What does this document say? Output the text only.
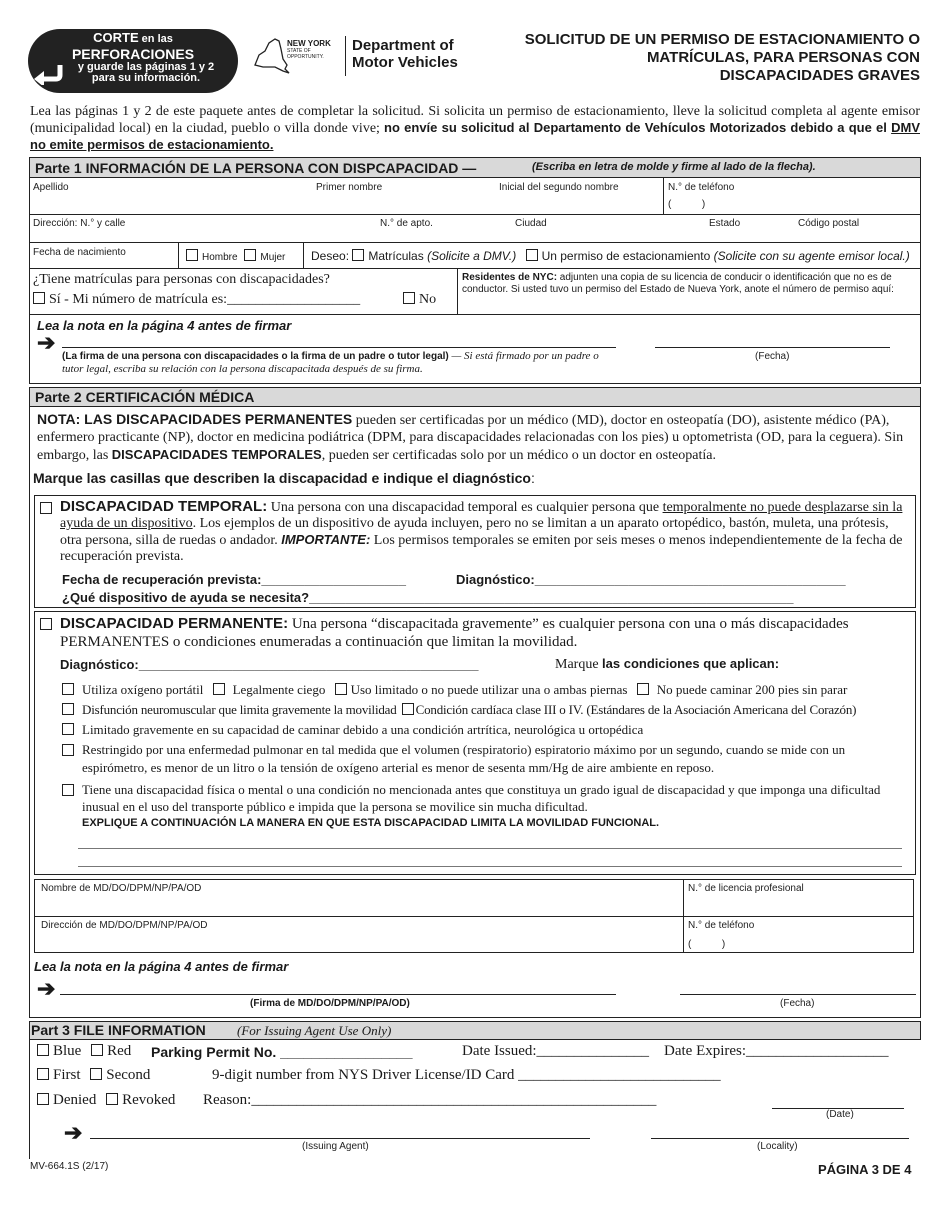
CORTE en las
PERFORACIONES
y guarde las páginas 1 y 2
para su información.
NEW YORK
STATE OF
OPPORTUNITY.
Department of
Motor Vehicles
SOLICITUD DE UN PERMISO DE ESTACIONAMIENTO O
MATRÍCULAS, PARA PERSONAS CON
DISCAPACIDADES GRAVES
Lea las páginas 1 y 2 de este paquete antes de completar la solicitud. Si solicita un permiso de estacionamiento, lleve la solicitud completa al agente emisor (municipalidad local) en la ciudad, pueblo o villa donde vive; no envíe su solicitud al Departamento de Vehículos Motorizados debido a que el DMV no emite permisos de estacionamiento.
Parte 1 INFORMACIÓN DE LA PERSONA CON DISPCAPACIDAD —	(Escriba en letra de molde y firme al lado de la flecha).
Apellido	Primer nombre	Inicial del segundo nombre	N.° de teléfono
(           )
Dirección: N.° y calle	N.° de apto.	Ciudad	Estado	Código postal
Fecha de nacimiento	Hombre Mujer Deseo: Matrículas (Solicite a DMV.) Un permiso de estacionamiento (Solicite con su agente emisor local.)
¿Tiene matrículas para personas con discapacidades?
Sí - Mi número de matrícula es:___________________	No
Residentes de NYC: adjunten una copia de su licencia de conducir o identificación que no es de conductor. Si usted tuvo un permiso del Estado de Nueva York, anote el número de permiso aquí:
Lea la nota en la página 4 antes de firmar
➔
(La firma de una persona con discapacidades o la firma de un padre o tutor legal) — Si está firmado por un padre o tutor legal, escriba su relación con la persona discapacitada después de su firma.
(Fecha)
Parte 2 CERTIFICACIÓN MÉDICA
NOTA: LAS DISCAPACIDADES PERMANENTES pueden ser certificadas por un médico (MD), doctor en osteopatía (DO), asistente médico (PA), enfermero practicante (NP), doctor en medicina podiátrica (DPM, para discapacidades relacionadas con los pies) u optometrista (OD, para la ceguera). Sin embargo, las DISCAPACIDADES TEMPORALES, pueden ser certificadas solo por un médico o un doctor en osteopatía.
Marque las casillas que describen la discapacidad e indique el diagnóstico:
DISCAPACIDAD TEMPORAL: Una persona con una discapacidad temporal es cualquier persona que temporalmente no puede desplazarse sin la ayuda de un dispositivo. Los ejemplos de un dispositivo de ayuda incluyen, pero no se limitan a un aparato ortopédico, bastón, muleta, una prótesis, otra persona, silla de ruedas o andador. IMPORTANTE: Los permisos temporales se emiten por seis meses o menos independientemente de la fecha de recuperación prevista.
Fecha de recuperación prevista:____________________	Diagnóstico:___________________________________________
¿Qué dispositivo de ayuda se necesita?___________________________________________________________________
DISCAPACIDAD PERMANENTE: Una persona “discapacitada gravemente” es cualquier persona con una o más discapacidades PERMANENTES o condiciones enumeradas a continuación que limitan la movilidad.
Diagnóstico:_______________________________________________	Marque las condiciones que aplican:
Utiliza oxígeno portátil Legalmente ciego Uso limitado o no puede utilizar una o ambas piernas No puede caminar 200 pies sin parar
Disfunción neuromuscular que limita gravemente la movilidad Condición cardíaca clase III o IV. (Estándares de la Asociación Americana del Corazón)
Limitado gravemente en su capacidad de caminar debido a una condición artrítica, neurológica u ortopédica
Restringido por una enfermedad pulmonar en tal medida que el volumen (respiratorio) espiratorio máximo por un segundo, cuando se mide con un espirómetro, es menor de un litro o la tensión de oxígeno arterial es menor de sesenta mm/Hg de aire ambiente en reposo.
Tiene una discapacidad física o mental o una condición no mencionada antes que constituya un grado igual de discapacidad y que imponga una dificultad inusual en el uso del transporte público e impida que la persona se movilice sin mucha dificultad.
EXPLIQUE A CONTINUACIÓN LA MANERA EN QUE ESTA DISCAPACIDAD LIMITA LA MOVILIDAD FUNCIONAL.
Nombre de MD/DO/DPM/NP/PA/OD	N.° de licencia profesional
Dirección de MD/DO/DPM/NP/PA/OD	N.° de teléfono
(           )
Lea la nota en la página 4 antes de firmar
➔
(Firma de MD/DO/DPM/NP/PA/OD)	(Fecha)
Part 3 FILE INFORMATION (For Issuing Agent Use Only)
Blue Red Parking Permit No. _________________	Date Issued:_______________ Date Expires:___________________
First Second	9-digit number from NYS Driver License/ID Card ___________________________
Denied Revoked Reason:______________________________________________________
(Date)
➔
(Issuing Agent)	(Locality)
MV-664.1S (2/17)	PÁGINA 3 DE 4
